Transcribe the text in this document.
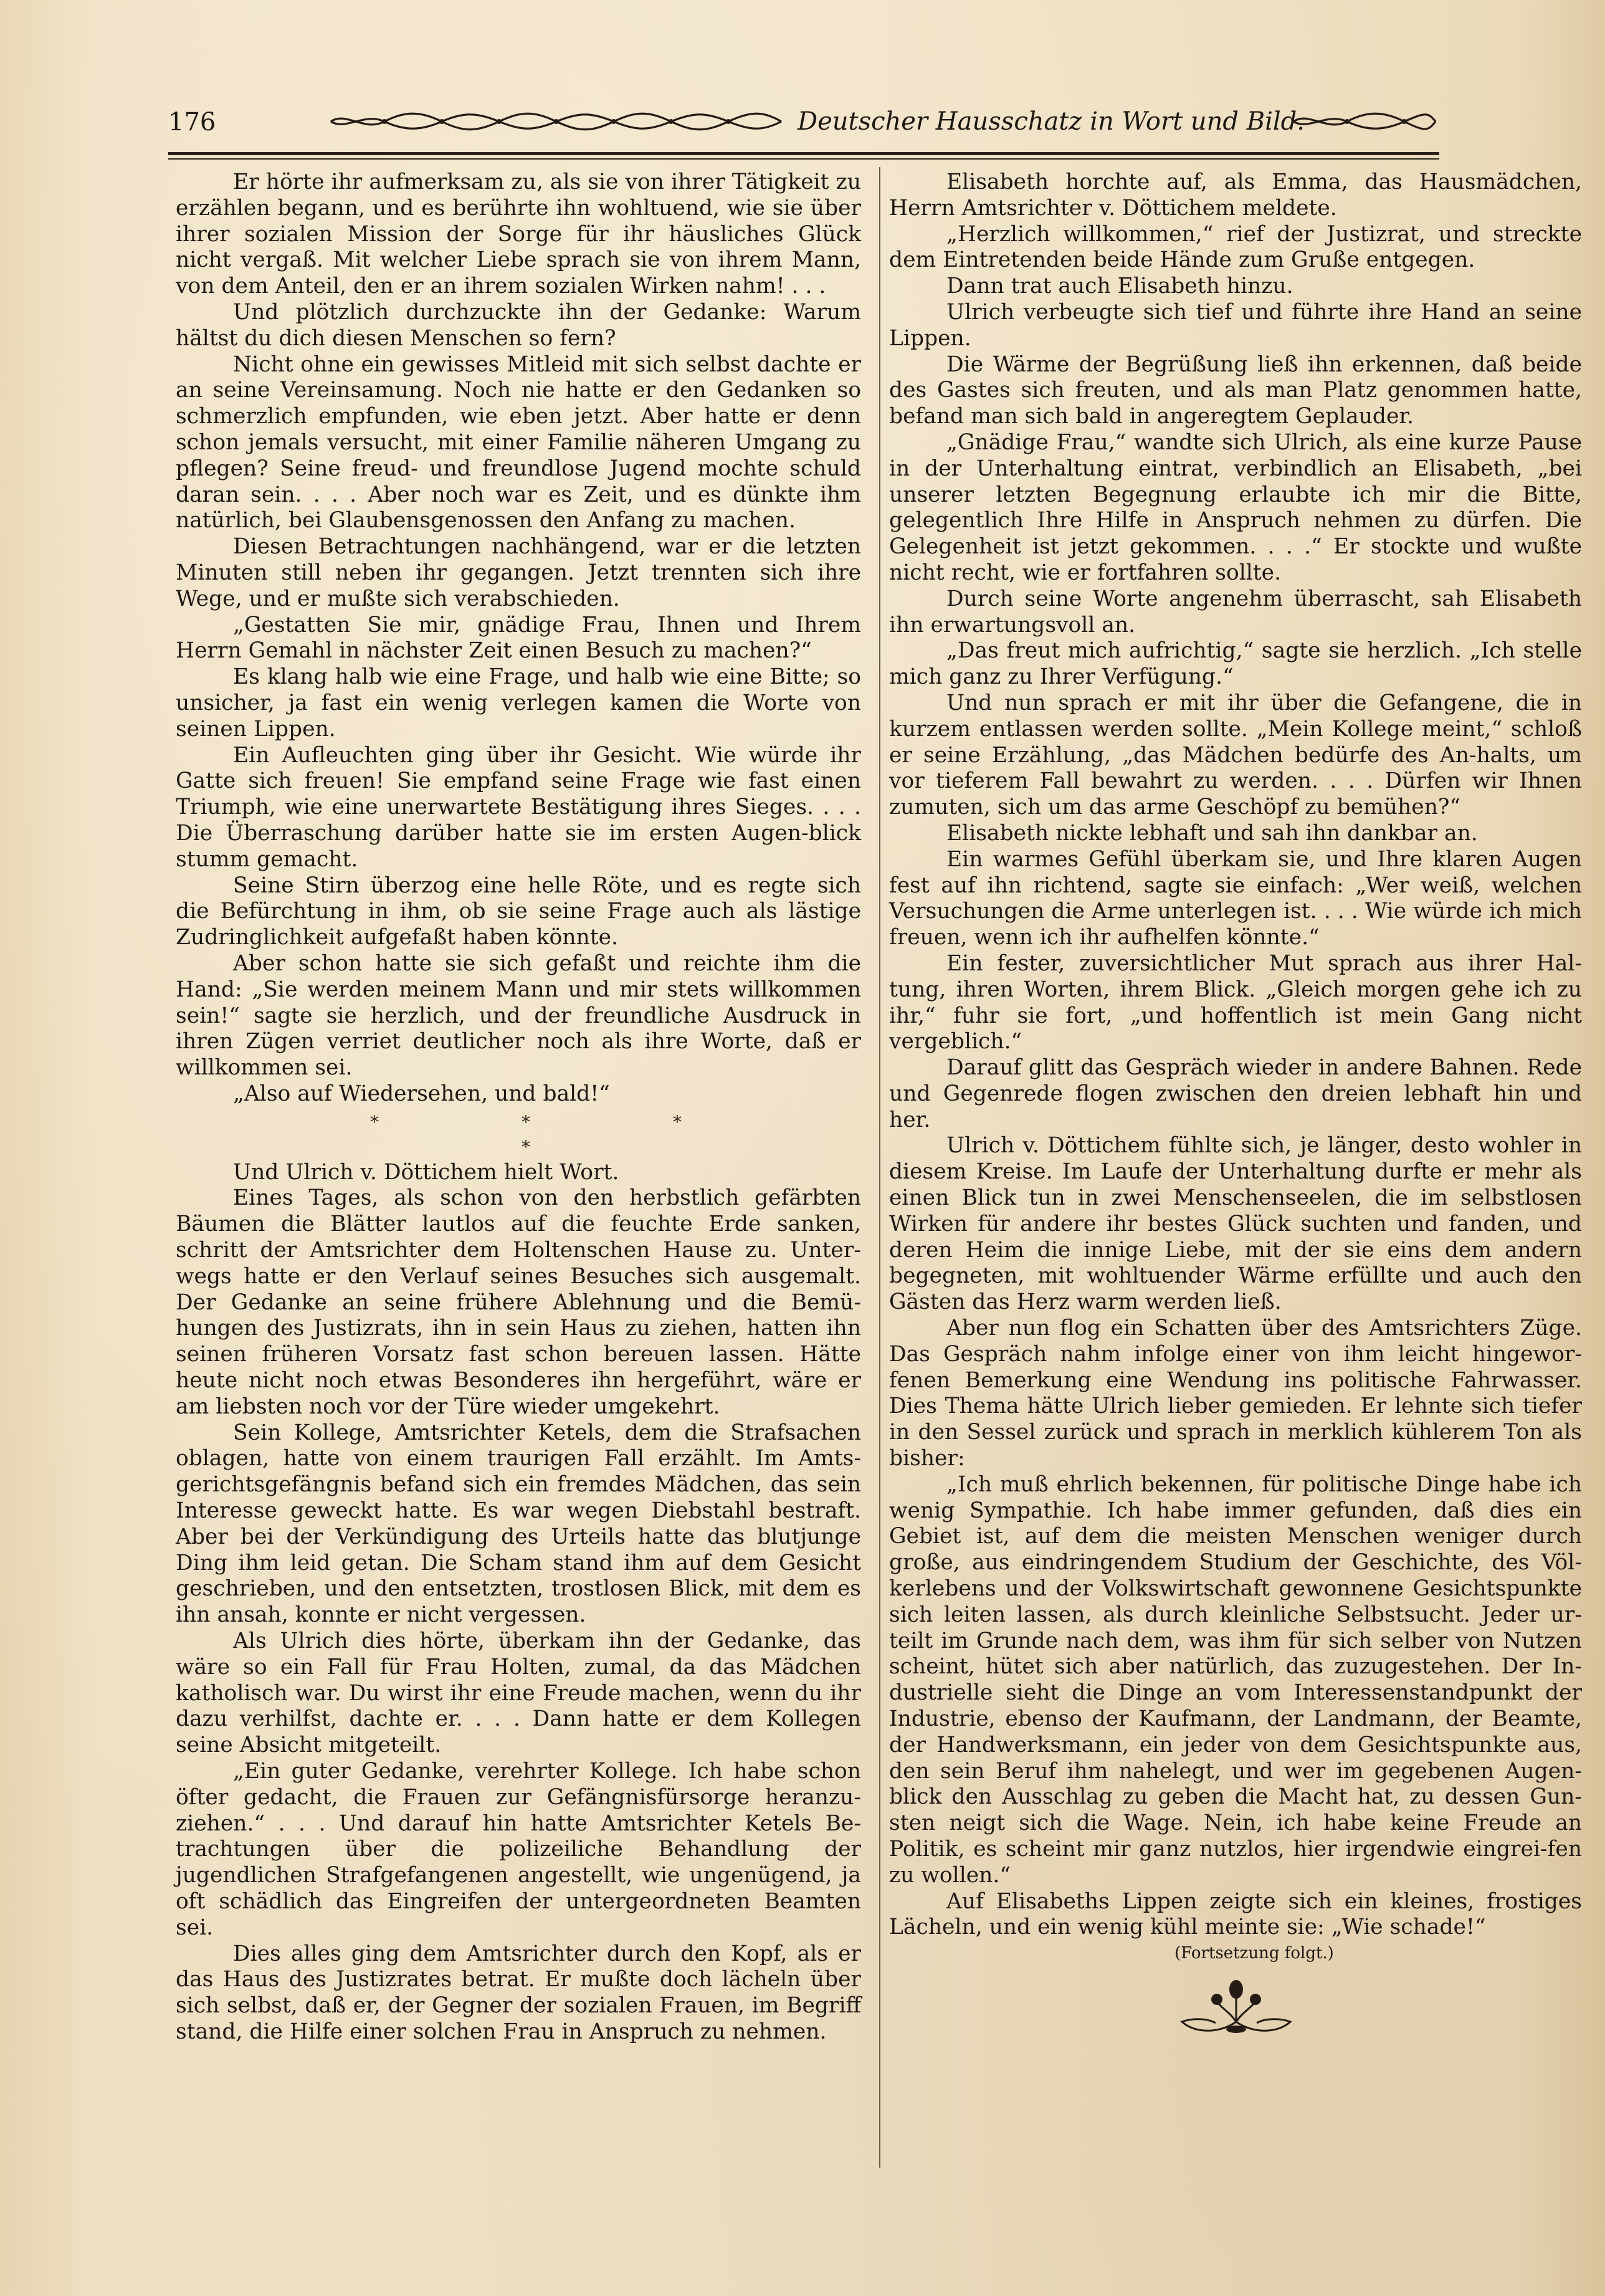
176	Deutscher Hausschatz in Wort und Bild.

Er hörte ihr aufmerksam zu, als sie von ihrer Tätigkeit zu erzählen begann, und es berührte ihn wohltuend, wie sie über ihrer sozialen Mission der Sorge für ihr häusliches Glück nicht vergaß. Mit welcher Liebe sprach sie von ihrem Mann, von dem Anteil, den er an ihrem sozialen Wirken nahm! . . .

Und plötzlich durchzuckte ihn der Gedanke: Warum hältst du dich diesen Menschen so fern?

Nicht ohne ein gewisses Mitleid mit sich selbst dachte er an seine Vereinsamung. Noch nie hatte er den Gedanken so schmerzlich empfunden, wie eben jetzt. Aber hatte er denn schon jemals versucht, mit einer Familie näheren Umgang zu pflegen? Seine freud- und freundlose Jugend mochte schuld daran sein. . . . Aber noch war es Zeit, und es dünkte ihm natürlich, bei Glaubensgenossen den Anfang zu machen.

Diesen Betrachtungen nachhängend, war er die letzten Minuten still neben ihr gegangen. Jetzt trennten sich ihre Wege, und er mußte sich verabschieden.

„Gestatten Sie mir, gnädige Frau, Ihnen und Ihrem Herrn Gemahl in nächster Zeit einen Besuch zu machen?“

Es klang halb wie eine Frage, und halb wie eine Bitte; so unsicher, ja fast ein wenig verlegen kamen die Worte von seinen Lippen.

Ein Aufleuchten ging über ihr Gesicht. Wie würde ihr Gatte sich freuen! Sie empfand seine Frage wie fast einen Triumph, wie eine unerwartete Bestätigung ihres Sieges. . . . Die Überraschung darüber hatte sie im ersten Augen-blick stumm gemacht.

Seine Stirn überzog eine helle Röte, und es regte sich die Befürchtung in ihm, ob sie seine Frage auch als lästige Zudringlichkeit aufgefaßt haben könnte.

Aber schon hatte sie sich gefaßt und reichte ihm die Hand: „Sie werden meinem Mann und mir stets willkommen sein!“ sagte sie herzlich, und der freundliche Ausdruck in ihren Zügen verriet deutlicher noch als ihre Worte, daß er willkommen sei.

„Also auf Wiedersehen, und bald!“

*	*	*
*

Und Ulrich v. Döttichem hielt Wort.

Eines Tages, als schon von den herbstlich gefärbten Bäumen die Blätter lautlos auf die feuchte Erde sanken, schritt der Amtsrichter dem Holtenschen Hause zu. Unter-wegs hatte er den Verlauf seines Besuches sich ausgemalt. Der Gedanke an seine frühere Ablehnung und die Bemü-hungen des Justizrats, ihn in sein Haus zu ziehen, hatten ihn seinen früheren Vorsatz fast schon bereuen lassen. Hätte heute nicht noch etwas Besonderes ihn hergeführt, wäre er am liebsten noch vor der Türe wieder umgekehrt.

Sein Kollege, Amtsrichter Ketels, dem die Strafsachen oblagen, hatte von einem traurigen Fall erzählt. Im Amts-gerichtsgefängnis befand sich ein fremdes Mädchen, das sein Interesse geweckt hatte. Es war wegen Diebstahl bestraft. Aber bei der Verkündigung des Urteils hatte das blutjunge Ding ihm leid getan. Die Scham stand ihm auf dem Gesicht geschrieben, und den entsetzten, trostlosen Blick, mit dem es ihn ansah, konnte er nicht vergessen.

Als Ulrich dies hörte, überkam ihn der Gedanke, das wäre so ein Fall für Frau Holten, zumal, da das Mädchen katholisch war. Du wirst ihr eine Freude machen, wenn du ihr dazu verhilfst, dachte er. . . . Dann hatte er dem Kollegen seine Absicht mitgeteilt.

„Ein guter Gedanke, verehrter Kollege. Ich habe schon öfter gedacht, die Frauen zur Gefängnisfürsorge heranzu-ziehen.“ . . . Und darauf hin hatte Amtsrichter Ketels Be-trachtungen über die polizeiliche Behandlung der jugendlichen Strafgefangenen angestellt, wie ungenügend, ja oft schädlich das Eingreifen der untergeordneten Beamten sei.

Dies alles ging dem Amtsrichter durch den Kopf, als er das Haus des Justizrates betrat. Er mußte doch lächeln über sich selbst, daß er, der Gegner der sozialen Frauen, im Begriff stand, die Hilfe einer solchen Frau in Anspruch zu nehmen.

Elisabeth horchte auf, als Emma, das Hausmädchen, Herrn Amtsrichter v. Döttichem meldete.

„Herzlich willkommen,“ rief der Justizrat, und streckte dem Eintretenden beide Hände zum Gruße entgegen.

Dann trat auch Elisabeth hinzu.

Ulrich verbeugte sich tief und führte ihre Hand an seine Lippen.

Die Wärme der Begrüßung ließ ihn erkennen, daß beide des Gastes sich freuten, und als man Platz genommen hatte, befand man sich bald in angeregtem Geplauder.

„Gnädige Frau,“ wandte sich Ulrich, als eine kurze Pause in der Unterhaltung eintrat, verbindlich an Elisabeth, „bei unserer letzten Begegnung erlaubte ich mir die Bitte, gelegentlich Ihre Hilfe in Anspruch nehmen zu dürfen. Die Gelegenheit ist jetzt gekommen. . . .“ Er stockte und wußte nicht recht, wie er fortfahren sollte.

Durch seine Worte angenehm überrascht, sah Elisabeth ihn erwartungsvoll an.

„Das freut mich aufrichtig,“ sagte sie herzlich. „Ich stelle mich ganz zu Ihrer Verfügung.“

Und nun sprach er mit ihr über die Gefangene, die in kurzem entlassen werden sollte. „Mein Kollege meint,“ schloß er seine Erzählung, „das Mädchen bedürfe des An-halts, um vor tieferem Fall bewahrt zu werden. . . . Dürfen wir Ihnen zumuten, sich um das arme Geschöpf zu bemühen?“

Elisabeth nickte lebhaft und sah ihn dankbar an.

Ein warmes Gefühl überkam sie, und Ihre klaren Augen fest auf ihn richtend, sagte sie einfach: „Wer weiß, welchen Versuchungen die Arme unterlegen ist. . . . Wie würde ich mich freuen, wenn ich ihr aufhelfen könnte.“

Ein fester, zuversichtlicher Mut sprach aus ihrer Hal-tung, ihren Worten, ihrem Blick. „Gleich morgen gehe ich zu ihr,“ fuhr sie fort, „und hoffentlich ist mein Gang nicht vergeblich.“

Darauf glitt das Gespräch wieder in andere Bahnen. Rede und Gegenrede flogen zwischen den dreien lebhaft hin und her.

Ulrich v. Döttichem fühlte sich, je länger, desto wohler in diesem Kreise. Im Laufe der Unterhaltung durfte er mehr als einen Blick tun in zwei Menschenseelen, die im selbstlosen Wirken für andere ihr bestes Glück suchten und fanden, und deren Heim die innige Liebe, mit der sie eins dem andern begegneten, mit wohltuender Wärme erfüllte und auch den Gästen das Herz warm werden ließ.

Aber nun flog ein Schatten über des Amtsrichters Züge. Das Gespräch nahm infolge einer von ihm leicht hingewor-fenen Bemerkung eine Wendung ins politische Fahrwasser. Dies Thema hätte Ulrich lieber gemieden. Er lehnte sich tiefer in den Sessel zurück und sprach in merklich kühlerem Ton als bisher:

„Ich muß ehrlich bekennen, für politische Dinge habe ich wenig Sympathie. Ich habe immer gefunden, daß dies ein Gebiet ist, auf dem die meisten Menschen weniger durch große, aus eindringendem Studium der Geschichte, des Völ-kerlebens und der Volkswirtschaft gewonnene Gesichtspunkte sich leiten lassen, als durch kleinliche Selbstsucht. Jeder ur-teilt im Grunde nach dem, was ihm für sich selber von Nutzen scheint, hütet sich aber natürlich, das zuzugestehen. Der In-dustrielle sieht die Dinge an vom Interessenstandpunkt der Industrie, ebenso der Kaufmann, der Landmann, der Beamte, der Handwerksmann, ein jeder von dem Gesichtspunkte aus, den sein Beruf ihm nahelegt, und wer im gegebenen Augen-blick den Ausschlag zu geben die Macht hat, zu dessen Gun-sten neigt sich die Wage. Nein, ich habe keine Freude an Politik, es scheint mir ganz nutzlos, hier irgendwie eingrei-fen zu wollen.“

Auf Elisabeths Lippen zeigte sich ein kleines, frostiges Lächeln, und ein wenig kühl meinte sie: „Wie schade!“

(Fortsetzung folgt.)
